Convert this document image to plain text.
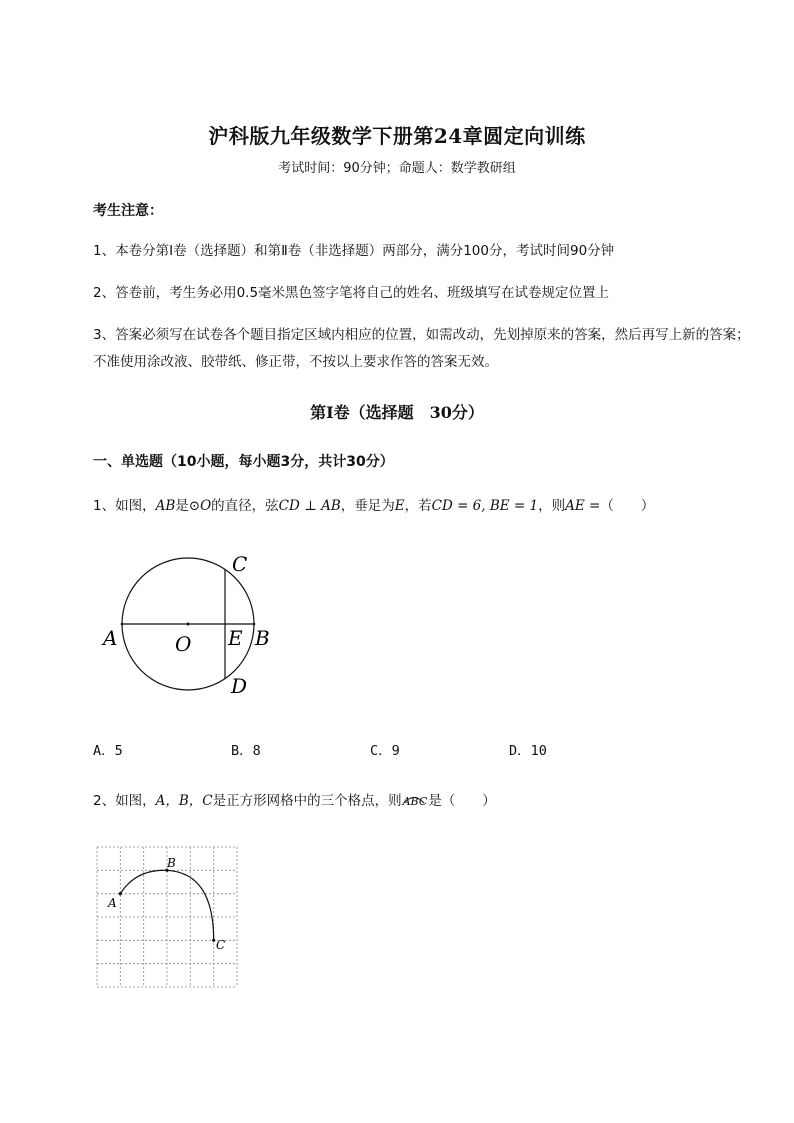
沪科版九年级数学下册第24章圆定向训练

考试时间：90分钟；命题人：数学教研组

考生注意：

1、本卷分第Ⅰ卷（选择题）和第Ⅱ卷（非选择题）两部分，满分100分，考试时间90分钟

2、答卷前，考生务必用0.5毫米黑色签字笔将自己的姓名、班级填写在试卷规定位置上

3、答案必须写在试卷各个题目指定区域内相应的位置，如需改动，先划掉原来的答案，然后再写上新的答案；不准使用涂改液、胶带纸、修正带，不按以上要求作答的答案无效。

第Ⅰ卷（选择题　30分）

一、单选题（10小题，每小题3分，共计30分）

1、如图，AB是⊙O的直径，弦CD ⊥ AB，垂足为E，若CD = 6, BE = 1，则AE =（　　）

A	O E B
C
D
A．5	B．8	C．9	D．10

2、如图，A，B，C是正方形网格中的三个格点，则
ABC是（　　）

A
B
C
